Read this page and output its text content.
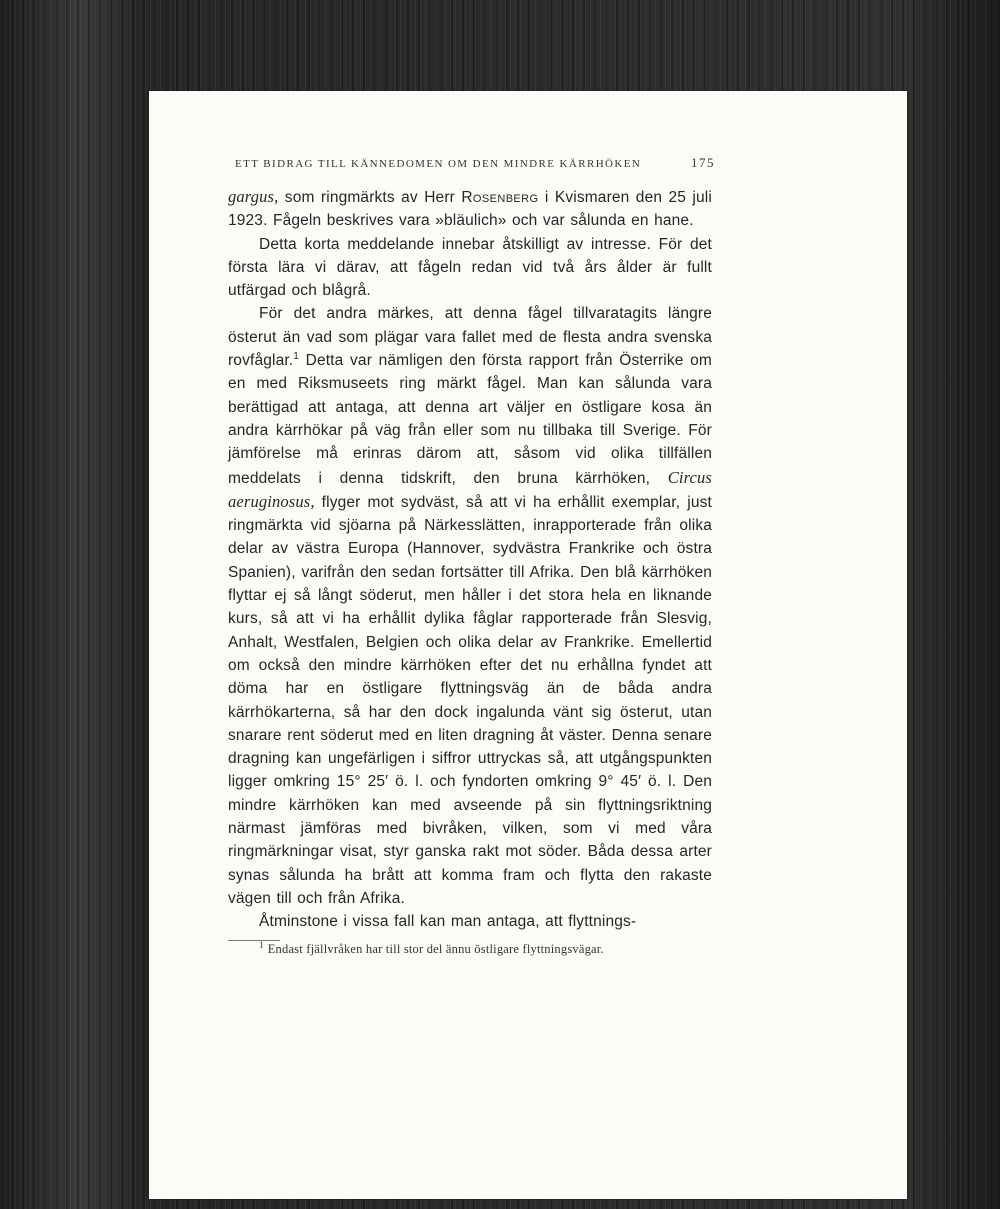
ETT BIDRAG TILL KÄNNEDOMEN OM DEN MINDRE KÄRRHÖKEN	175

gargus, som ringmärkts av Herr Rosenberg i Kvismaren den 25 juli 1923. Fågeln beskrives vara »bläulich» och var sålunda en hane.

Detta korta meddelande innebar åtskilligt av intresse. För det första lära vi därav, att fågeln redan vid två års ålder är fullt utfärgad och blågrå.

För det andra märkes, att denna fågel tillvaratagits längre österut än vad som plägar vara fallet med de flesta andra svenska rovfåglar.$^1$ Detta var nämligen den första rapport från Österrike om en med Riksmuseets ring märkt fågel. Man kan sålunda vara berättigad att antaga, att denna art väljer en östligare kosa än andra kärrhökar på väg från eller som nu tillbaka till Sverige. För jämförelse må erinras därom att, såsom vid olika tillfällen meddelats i denna tidskrift, den bruna kärrhöken, Circus aeruginosus, flyger mot sydväst, så att vi ha erhållit exemplar, just ringmärkta vid sjöarna på Närkesslätten, inrapporterade från olika delar av västra Europa (Hannover, sydvästra Frankrike och östra Spanien), varifrån den sedan fortsätter till Afrika. Den blå kärrhöken flyttar ej så långt söderut, men håller i det stora hela en liknande kurs, så att vi ha erhållit dylika fåglar rapporterade från Slesvig, Anhalt, Westfalen, Belgien och olika delar av Frankrike. Emellertid om också den mindre kärrhöken efter det nu erhållna fyndet att döma har en östligare flyttningsväg än de båda andra kärrhökarterna, så har den dock ingalunda vänt sig österut, utan snarare rent söderut med en liten dragning åt väster. Denna senare dragning kan ungefärligen i siffror uttryckas så, att utgångspunkten ligger omkring 15° 25′ ö. l. och fyndorten omkring 9° 45′ ö. l. Den mindre kärrhöken kan med avseende på sin flyttningsriktning närmast jämföras med bivråken, vilken, som vi med våra ringmärkningar visat, styr ganska rakt mot söder. Båda dessa arter synas sålunda ha brått att komma fram och flytta den rakaste vägen till och från Afrika.

Åtminstone i vissa fall kan man antaga, att flyttnings-

$^1$ Endast fjällvråken har till stor del ännu östligare flyttningsvägar.
